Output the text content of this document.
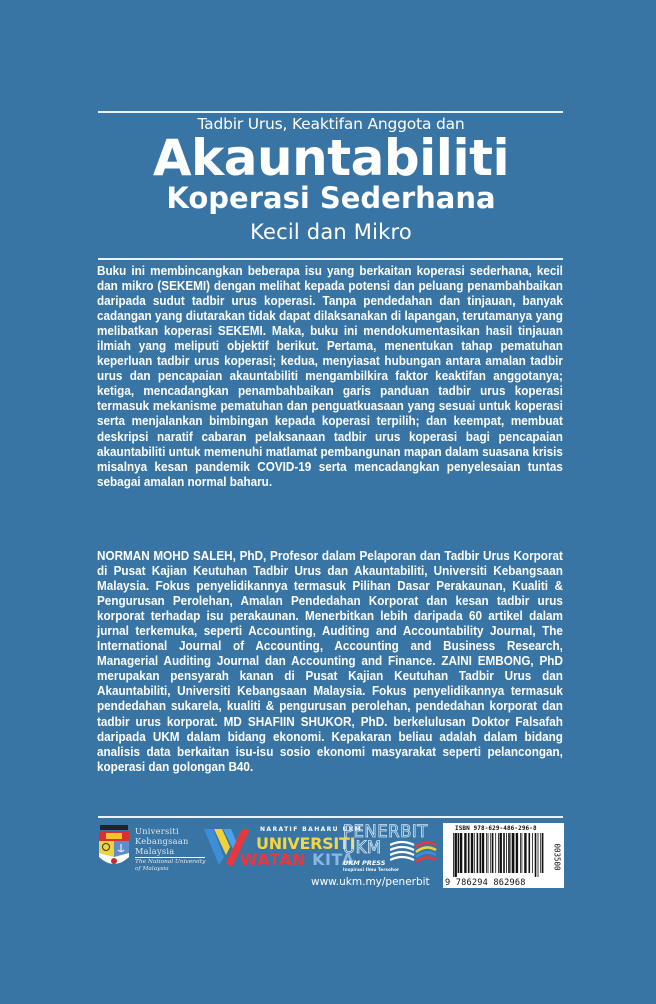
Tadbir Urus, Keaktifan Anggota dan
Akauntabiliti
Koperasi Sederhana
Kecil dan Mikro
Buku ini membincangkan beberapa isu yang berkaitan koperasi sederhana, kecil dan mikro (SEKEMI) dengan melihat kepada potensi dan peluang penambahbaikan daripada sudut tadbir urus koperasi. Tanpa pendedahan dan tinjauan, banyak cadangan yang diutarakan tidak dapat dilaksanakan di lapangan, terutamanya yang melibatkan koperasi SEKEMI. Maka, buku ini mendokumentasikan hasil tinjauan ilmiah yang meliputi objektif berikut. Pertama, menentukan tahap pematuhan keperluan tadbir urus koperasi; kedua, menyiasat hubungan antara amalan tadbir urus dan pencapaian akauntabiliti mengambilkira faktor keaktifan anggotanya; ketiga, mencadangkan penambahbaikan garis panduan tadbir urus koperasi termasuk mekanisme pematuhan dan penguatkuasaan yang sesuai untuk koperasi serta menjalankan bimbingan kepada koperasi terpilih; dan keempat, membuat deskripsi naratif cabaran pelaksanaan tadbir urus koperasi bagi pencapaian akauntabiliti untuk memenuhi matlamat pembangunan mapan dalam suasana krisis misalnya kesan pandemik COVID-19 serta mencadangkan penyelesaian tuntas sebagai amalan normal baharu.
NORMAN MOHD SALEH, PhD, Profesor dalam Pelaporan dan Tadbir Urus Korporat di Pusat Kajian Keutuhan Tadbir Urus dan Akauntabiliti, Universiti Kebangsaan Malaysia. Fokus penyelidikannya termasuk Pilihan Dasar Perakaunan, Kualiti & Pengurusan Perolehan, Amalan Pendedahan Korporat dan kesan tadbir urus korporat terhadap isu perakaunan. Menerbitkan lebih daripada 60 artikel dalam jurnal terkemuka, seperti Accounting, Auditing and Accountability Journal, The International Journal of Accounting, Accounting and Business Research, Managerial Auditing Journal dan Accounting and Finance. ZAINI EMBONG, PhD merupakan pensyarah kanan di Pusat Kajian Keutuhan Tadbir Urus dan Akauntabiliti, Universiti Kebangsaan Malaysia. Fokus penyelidikannya termasuk pendedahan sukarela, kualiti & pengurusan perolehan, pendedahan korporat dan tadbir urus korporat. MD SHAFIIN SHUKOR, PhD. berkelulusan Doktor Falsafah daripada UKM dalam bidang ekonomi. Kepakaran beliau adalah dalam bidang analisis data berkaitan isu-isu sosio ekonomi masyarakat seperti pelancongan, koperasi dan golongan B40.
Universiti
Kebangsaan
Malaysia
The National University
of Malaysia
NARATIF BAHARU UKM
UNIVERSITI
WATAN KITA
PENERBIT
UKM
UKM PRESS
Inspirasi Ilmu Tersohor
www.ukm.my/penerbit
ISBN 978-629-486-296-8
9 786294 862968
003500
